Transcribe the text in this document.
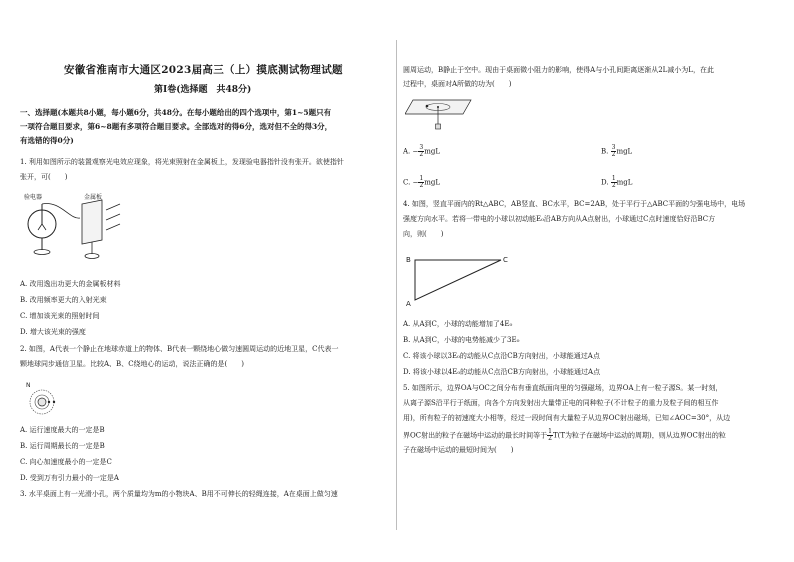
安徽省淮南市大通区2023届高三（上）摸底测试物理试题
第Ⅰ卷(选择题　共48分)
一、选择题(本题共8小题，每小题6分，共48分。在每小题给出的四个选项中，第1~5题只有
一项符合题目要求，第6~8题有多项符合题目要求。全部选对的得6分，选对但不全的得3分，
有选错的得0分)
1. 利用如图所示的装置观察光电效应现象，将光束照射在金属板上，发现验电器指针没有张开。欲使指针
张开，可(　　)
验电器	金属板
A. 改用逸出功更大的金属板材料
B. 改用频率更大的入射光束
C. 增加该光束的照射时间
D. 增大该光束的强度
2. 如图，A代表一个静止在地球赤道上的物体、B代表一颗绕地心做匀速圆周运动的近地卫星，C代表一
颗地球同步通信卫星。比较A、B、C绕地心的运动，说法正确的是(　　)
N
A. 运行速度最大的一定是B
B. 运行周期最长的一定是B
C. 向心加速度最小的一定是C
D. 受到万有引力最小的一定是A
3. 水平桌面上有一光滑小孔，两个质量均为m的小物块A、B用不可伸长的轻绳连接，A在桌面上做匀速
圆周运动，B静止于空中。现由于桌面微小阻力的影响，使得A与小孔间距离逐渐从2L减小为L，在此
过程中，桌面对A所做的功为(　　)
A. − $\frac{3}{2}$ mgL	B. $\frac{3}{2}$ mgL
C. − $\frac{1}{2}$ mgL	D. $\frac{1}{2}$ mgL
4. 如图，竖直平面内的Rt△ABC，AB竖直、BC水平，BC=2AB，处于平行于△ABC平面的匀强电场中，电场
强度方向水平。若将一带电的小球以初动能E₀沿AB方向从A点射出，小球通过C点时速度恰好沿BC方
向，则(　　)
B	C
A
A. 从A到C，小球的动能增加了4E₀
B. 从A到C，小球的电势能减少了3E₀
C. 将该小球以3E₀的动能从C点沿CB方向射出，小球能通过A点
D. 将该小球以4E₀的动能从C点沿CB方向射出，小球能通过A点
5. 如图所示，边界OA与OC之间分布有垂直纸面向里的匀强磁场，边界OA上有一粒子源S。某一时刻，
从离子源S沿平行于纸面，向各个方向发射出大量带正电的同种粒子(不计粒子的重力及粒子间的相互作
用)，所有粒子的初速度大小相等，经过一段时间有大量粒子从边界OC射出磁场，已知∠AOC=30°，从边
界OC射出的粒子在磁场中运动的最长时间等于 $\frac{1}{2} T(T$为粒子在磁场中运动的周期)，则从边界OC射出的粒
子在磁场中运动的最短时间为(　　)
